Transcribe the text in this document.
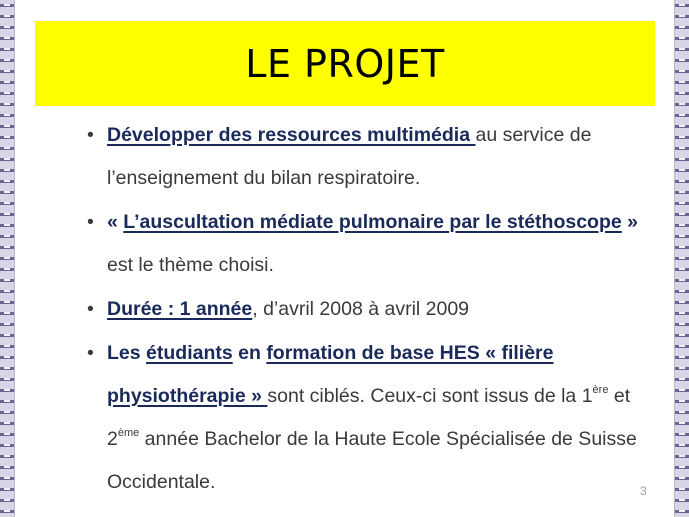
LE PROJET
• Développer des ressources multimédia au service de l’enseignement du bilan respiratoire.
• « L’auscultation médiate pulmonaire par le stéthoscope » est le thème choisi.
• Durée : 1 année, d’avril 2008 à avril 2009
• Les étudiants en formation de base HES « filière physiothérapie » sont ciblés. Ceux-ci sont issus de la 1ère et 2ème année Bachelor de la Haute Ecole Spécialisée de Suisse Occidentale.	3
